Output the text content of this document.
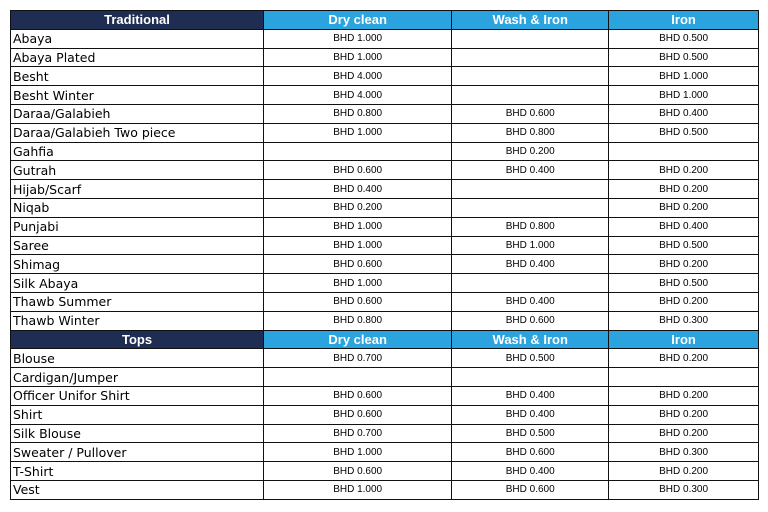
Traditional	Dry clean	Wash & Iron	Iron
Abaya	BHD 1.000		BHD 0.500
Abaya Plated	BHD 1.000		BHD 0.500
Besht	BHD 4.000		BHD 1.000
Besht Winter	BHD 4.000		BHD 1.000
Daraa/Galabieh	BHD 0.800	BHD 0.600	BHD 0.400
Daraa/Galabieh Two piece	BHD 1.000	BHD 0.800	BHD 0.500
Gahfia		BHD 0.200	
Gutrah	BHD 0.600	BHD 0.400	BHD 0.200
Hijab/Scarf	BHD 0.400		BHD 0.200
Niqab	BHD 0.200		BHD 0.200
Punjabi	BHD 1.000	BHD 0.800	BHD 0.400
Saree	BHD 1.000	BHD 1.000	BHD 0.500
Shimag	BHD 0.600	BHD 0.400	BHD 0.200
Silk Abaya	BHD 1.000		BHD 0.500
Thawb Summer	BHD 0.600	BHD 0.400	BHD 0.200
Thawb Winter	BHD 0.800	BHD 0.600	BHD 0.300
Tops	Dry clean	Wash & Iron	Iron
Blouse	BHD 0.700	BHD 0.500	BHD 0.200
Cardigan/Jumper			
Officer Unifor Shirt	BHD 0.600	BHD 0.400	BHD 0.200
Shirt	BHD 0.600	BHD 0.400	BHD 0.200
Silk Blouse	BHD 0.700	BHD 0.500	BHD 0.200
Sweater / Pullover	BHD 1.000	BHD 0.600	BHD 0.300
T-Shirt	BHD 0.600	BHD 0.400	BHD 0.200
Vest	BHD 1.000	BHD 0.600	BHD 0.300
